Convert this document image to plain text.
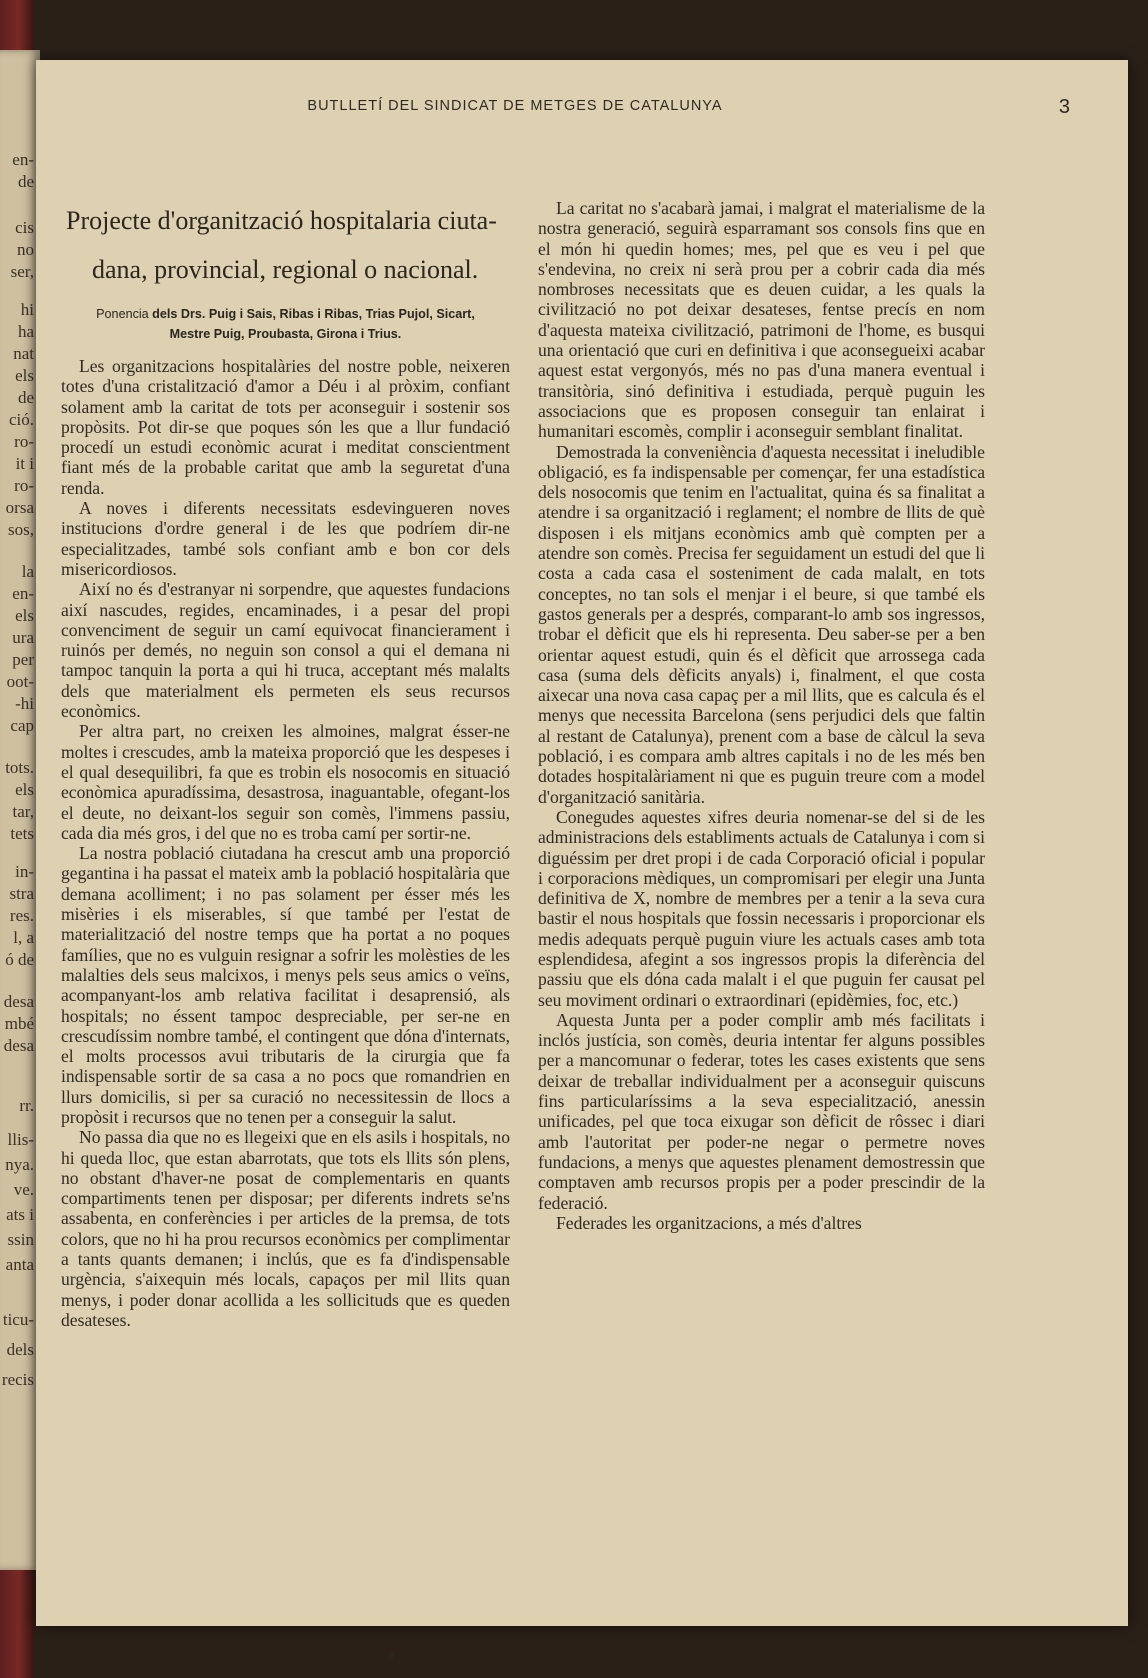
en-
de
cis
no
ser,
hi
ha
nat
els
de
ció.
ro-
it i
ro-
orsa
sos,
la
en-
els
ura
per
oot-
-hi
cap
tots.
els
tar,
tets
in-
stra
res.
l, a
ó de
desa
mbé
desa
rr.
llis-
nya.
ve.
ats i
ssin
anta
ticu-
dels
recis
BUTLLETÍ DEL SINDICAT DE METGES DE CATALUNYA	3
Projecte d'organització hospitalaria ciuta-
dana, provincial, regional o nacional.
Ponencia dels Drs. Puig i Sais, Ribas i Ribas, Trias Pujol, Sicart,
Mestre Puig, Proubasta, Girona i Trius.

Les organitzacions hospitalàries del nostre poble, neixeren totes d'una cristalització d'amor a Déu i al pròxim, confiant solament amb la caritat de tots per aconseguir i sostenir sos propòsits. Pot dir-se que poques són les que a llur fundació procedí un estudi econòmic acurat i meditat conscientment fiant més de la probable caritat que amb la seguretat d'una renda.

A noves i diferents necessitats esdevingueren noves institucions d'ordre general i de les que podríem dir-ne especialitzades, també sols confiant amb e bon cor dels misericordiosos.

Així no és d'estranyar ni sorpendre, que aquestes fundacions així nascudes, regides, encaminades, i a pesar del propi convenciment de seguir un camí equivocat financierament i ruinós per demés, no neguin son consol a qui el demana ni tampoc tanquin la porta a qui hi truca, acceptant més malalts dels que materialment els permeten els seus recursos econòmics.

Per altra part, no creixen les almoines, malgrat ésser-ne moltes i crescudes, amb la mateixa proporció que les despeses i el qual desequilibri, fa que es trobin els nosocomis en situació econòmica apuradíssima, desastrosa, inaguantable, ofegant-los el deute, no deixant-los seguir son comès, l'immens passiu, cada dia més gros, i del que no es troba camí per sortir-ne.

La nostra població ciutadana ha crescut amb una proporció gegantina i ha passat el mateix amb la població hospitalària que demana acolliment; i no pas solament per ésser més les misèries i els miserables, sí que també per l'estat de materialització del nostre temps que ha portat a no poques famílies, que no es vulguin resignar a sofrir les molèsties de les malalties dels seus malcixos, i menys pels seus amics o veïns, acompanyant-los amb relativa facilitat i desaprensió, als hospitals; no éssent tampoc despreciable, per ser-ne en crescudíssim nombre també, el contingent que dóna d'internats, el molts processos avui tributaris de la cirurgia que fa indispensable sortir de sa casa a no pocs que romandrien en llurs domicilis, si per sa curació no necessitessin de llocs a propòsit i recursos que no tenen per a conseguir la salut.

No passa dia que no es llegeixi que en els asils i hospitals, no hi queda lloc, que estan abarrotats, que tots els llits són plens, no obstant d'haver-ne posat de complementaris en quants compartiments tenen per disposar; per diferents indrets se'ns assabenta, en conferències i per articles de la premsa, de tots colors, que no hi ha prou recursos econòmics per complimentar a tants quants demanen; i inclús, que es fa d'indispensable urgència, s'aixequin més locals, capaços per mil llits quan menys, i poder donar acollida a les sollicituds que es queden desateses.

La caritat no s'acabarà jamai, i malgrat el materialisme de la nostra generació, seguirà esparramant sos consols fins que en el món hi quedin homes; mes, pel que es veu i pel que s'endevina, no creix ni serà prou per a cobrir cada dia més nombroses necessitats que es deuen cuidar, a les quals la civilització no pot deixar desateses, fentse precís en nom d'aquesta mateixa civilització, patrimoni de l'home, es busqui una orientació que curi en definitiva i que aconsegueixi acabar aquest estat vergonyós, més no pas d'una manera eventual i transitòria, sinó definitiva i estudiada, perquè puguin les associacions que es proposen conseguir tan enlairat i humanitari escomès, complir i aconseguir semblant finalitat.

Demostrada la conveniència d'aquesta necessitat i ineludible obligació, es fa indispensable per començar, fer una estadística dels nosocomis que tenim en l'actualitat, quina és sa finalitat a atendre i sa organització i reglament; el nombre de llits de què disposen i els mitjans econòmics amb què compten per a atendre son comès. Precisa fer seguidament un estudi del que li costa a cada casa el sosteniment de cada malalt, en tots conceptes, no tan sols el menjar i el beure, si que també els gastos generals per a després, comparant-lo amb sos ingressos, trobar el dèficit que els hi representa. Deu saber-se per a ben orientar aquest estudi, quin és el dèficit que arrossega cada casa (suma dels dèficits anyals) i, finalment, el que costa aixecar una nova casa capaç per a mil llits, que es calcula és el menys que necessita Barcelona (sens perjudici dels que faltin al restant de Catalunya), prenent com a base de càlcul la seva població, i es compara amb altres capitals i no de les més ben dotades hospitalàriament ni que es puguin treure com a model d'organització sanitària.

Conegudes aquestes xifres deuria nomenar-se del si de les administracions dels establiments actuals de Catalunya i com si diguéssim per dret propi i de cada Corporació oficial i popular i corporacions mèdiques, un compromisari per elegir una Junta definitiva de X, nombre de membres per a tenir a la seva cura bastir el nous hospitals que fossin necessaris i proporcionar els medis adequats perquè puguin viure les actuals cases amb tota esplendidesa, afegint a sos ingressos propis la diferència del passiu que els dóna cada malalt i el que puguin fer causat pel seu moviment ordinari o extraordinari (epidèmies, foc, etc.)

Aquesta Junta per a poder complir amb més facilitats i inclós justícia, son comès, deuria intentar fer alguns possibles per a mancomunar o federar, totes les cases existents que sens deixar de treballar individualment per a aconseguir quiscuns fins particularíssims a la seva especialització, anessin unificades, pel que toca eixugar son dèficit de rôssec i diari amb l'autoritat per poder-ne negar o permetre noves fundacions, a menys que aquestes plenament demostressin que comptaven amb recursos propis per a poder prescindir de la federació.

Federades les organitzacions, a més d'altres
